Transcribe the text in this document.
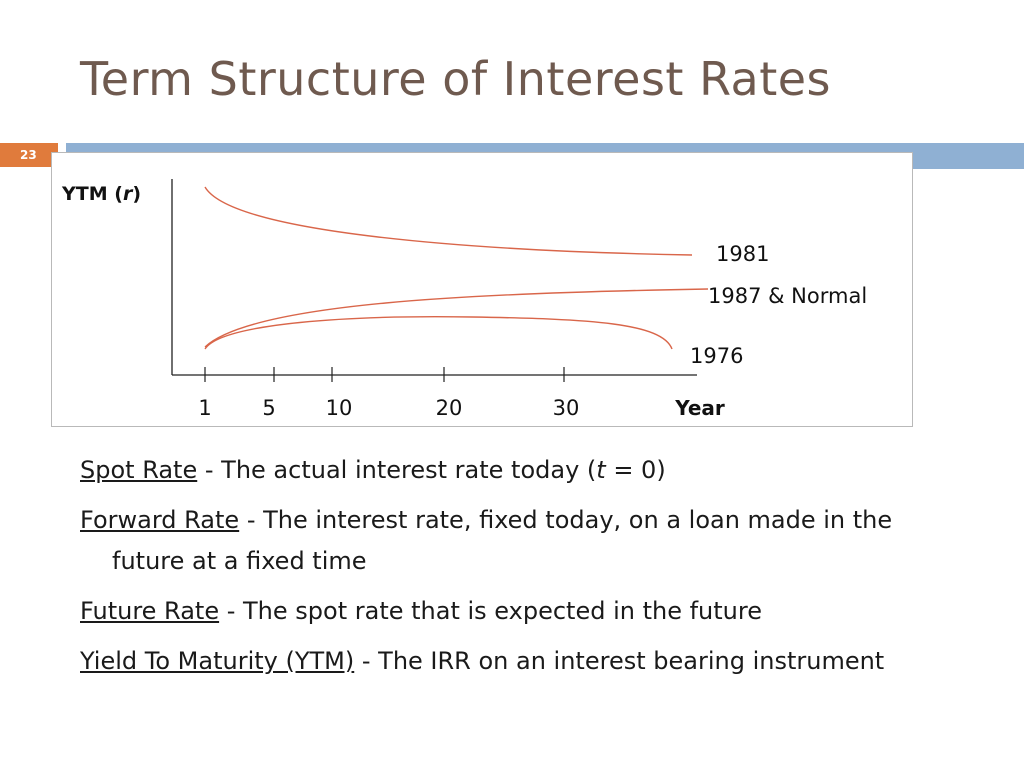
Term Structure of Interest Rates
23
1 5 10	20	30	Year
1981
1987 & Normal
1976
YTM (r)
Spot Rate - The actual interest rate today (t = 0)
Forward Rate - The interest rate, fixed today, on a loan made in the future at a fixed time
Future Rate - The spot rate that is expected in the future
Yield To Maturity (YTM) - The IRR on an interest bearing instrument
